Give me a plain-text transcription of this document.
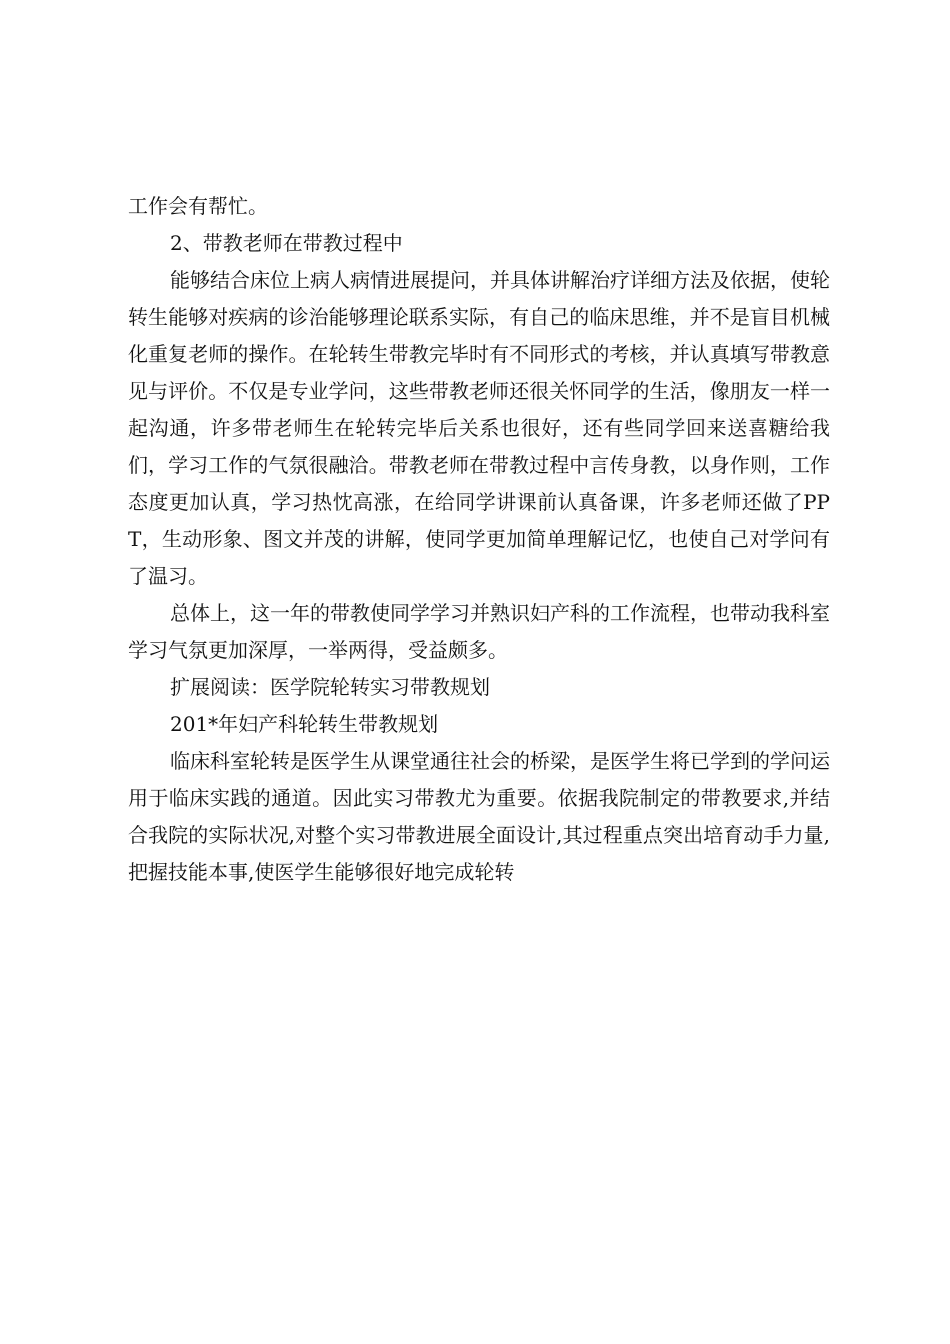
工作会有帮忙。

2、带教老师在带教过程中

能够结合床位上病人病情进展提问，并具体讲解治疗详细方法及依据，使轮转生能够对疾病的诊治能够理论联系实际，有自己的临床思维，并不是盲目机械化重复老师的操作。在轮转生带教完毕时有不同形式的考核，并认真填写带教意见与评价。不仅是专业学问，这些带教老师还很关怀同学的生活，像朋友一样一起沟通，许多带老师生在轮转完毕后关系也很好，还有些同学回来送喜糖给我们，学习工作的气氛很融洽。带教老师在带教过程中言传身教，以身作则，工作态度更加认真，学习热忱高涨，在给同学讲课前认真备课，许多老师还做了PPT，生动形象、图文并茂的讲解，使同学更加简单理解记忆，也使自己对学问有了温习。

总体上，这一年的带教使同学学习并熟识妇产科的工作流程，也带动我科室学习气氛更加深厚，一举两得，受益颇多。

扩展阅读：医学院轮转实习带教规划

201*年妇产科轮转生带教规划

临床科室轮转是医学生从课堂通往社会的桥梁，是医学生将已学到的学问运用于临床实践的通道。因此实习带教尤为重要。依据我院制定的带教要求,并结合我院的实际状况,对整个实习带教进展全面设计,其过程重点突出培育动手力量,把握技能本事,使医学生能够很好地完成轮转
